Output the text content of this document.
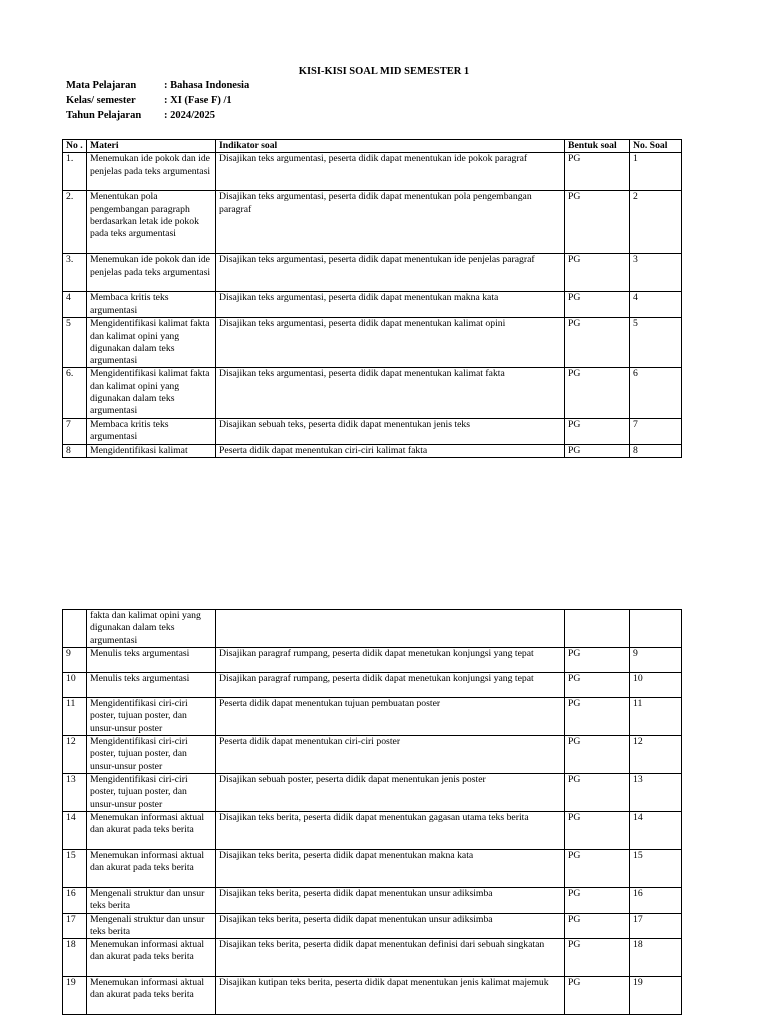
KISI-KISI SOAL MID SEMESTER 1
Mata Pelajaran	: Bahasa Indonesia
Kelas/ semester	: XI (Fase F) /1
Tahun Pelajaran : 2024/2025
No .	Materi	Indikator soal	Bentuk soal	No. Soal
1.	Menemukan ide pokok dan ide penjelas pada teks argumentasi	Disajikan teks argumentasi, peserta didik dapat menentukan ide pokok paragraf	PG	1
2.	Menentukan pola pengembangan paragraph berdasarkan letak ide pokok pada teks argumentasi	Disajikan teks argumentasi, peserta didik dapat menentukan pola pengembangan paragraf	PG	2
3.	Menemukan ide pokok dan ide penjelas pada teks argumentasi	Disajikan teks argumentasi, peserta didik dapat menentukan ide penjelas paragraf	PG	3
4	Membaca kritis teks argumentasi	Disajikan teks argumentasi, peserta didik dapat menentukan makna kata	PG	4
5	Mengidentifikasi kalimat fakta dan kalimat opini yang digunakan dalam teks argumentasi	Disajikan teks argumentasi, peserta didik dapat menentukan kalimat opini	PG	5
6.	Mengidentifikasi kalimat fakta dan kalimat opini yang digunakan dalam teks argumentasi	Disajikan teks argumentasi, peserta didik dapat menentukan kalimat fakta	PG	6
7	Membaca kritis teks argumentasi	Disajikan sebuah teks, peserta didik dapat menentukan jenis teks	PG	7
8	Mengidentifikasi kalimat	Peserta didik dapat menentukan ciri-ciri kalimat fakta	PG	8
	fakta dan kalimat opini yang digunakan dalam teks argumentasi			
9	Menulis teks argumentasi	Disajikan paragraf rumpang, peserta didik dapat menetukan konjungsi yang tepat	PG	9
10	Menulis teks argumentasi	Disajikan paragraf rumpang, peserta didik dapat menetukan konjungsi yang tepat	PG	10
11	Mengidentifikasi ciri-ciri poster, tujuan poster, dan unsur-unsur poster	Peserta didik dapat menentukan tujuan pembuatan poster	PG	11
12	Mengidentifikasi ciri-ciri poster, tujuan poster, dan unsur-unsur poster	Peserta didik dapat menentukan ciri-ciri poster	PG	12
13	Mengidentifikasi ciri-ciri poster, tujuan poster, dan unsur-unsur poster	Disajikan sebuah poster, peserta didik dapat menentukan jenis poster	PG	13
14	Menemukan informasi aktual dan akurat pada teks berita	Disajikan teks berita, peserta didik dapat menentukan gagasan utama teks berita	PG	14
15	Menemukan informasi aktual dan akurat pada teks berita	Disajikan teks berita, peserta didik dapat menentukan makna kata	PG	15
16	Mengenali struktur dan unsur teks berita	Disajikan teks berita, peserta didik dapat menentukan unsur adiksimba	PG	16
17	Mengenali struktur dan unsur teks berita	Disajikan teks berita, peserta didik dapat menentukan unsur adiksimba	PG	17
18	Menemukan informasi aktual dan akurat pada teks berita	Disajikan teks berita, peserta didik dapat menentukan definisi dari sebuah singkatan	PG	18
19	Menemukan informasi aktual dan akurat pada teks berita	Disajikan kutipan teks berita, peserta didik dapat menentukan jenis kalimat majemuk	PG	19
